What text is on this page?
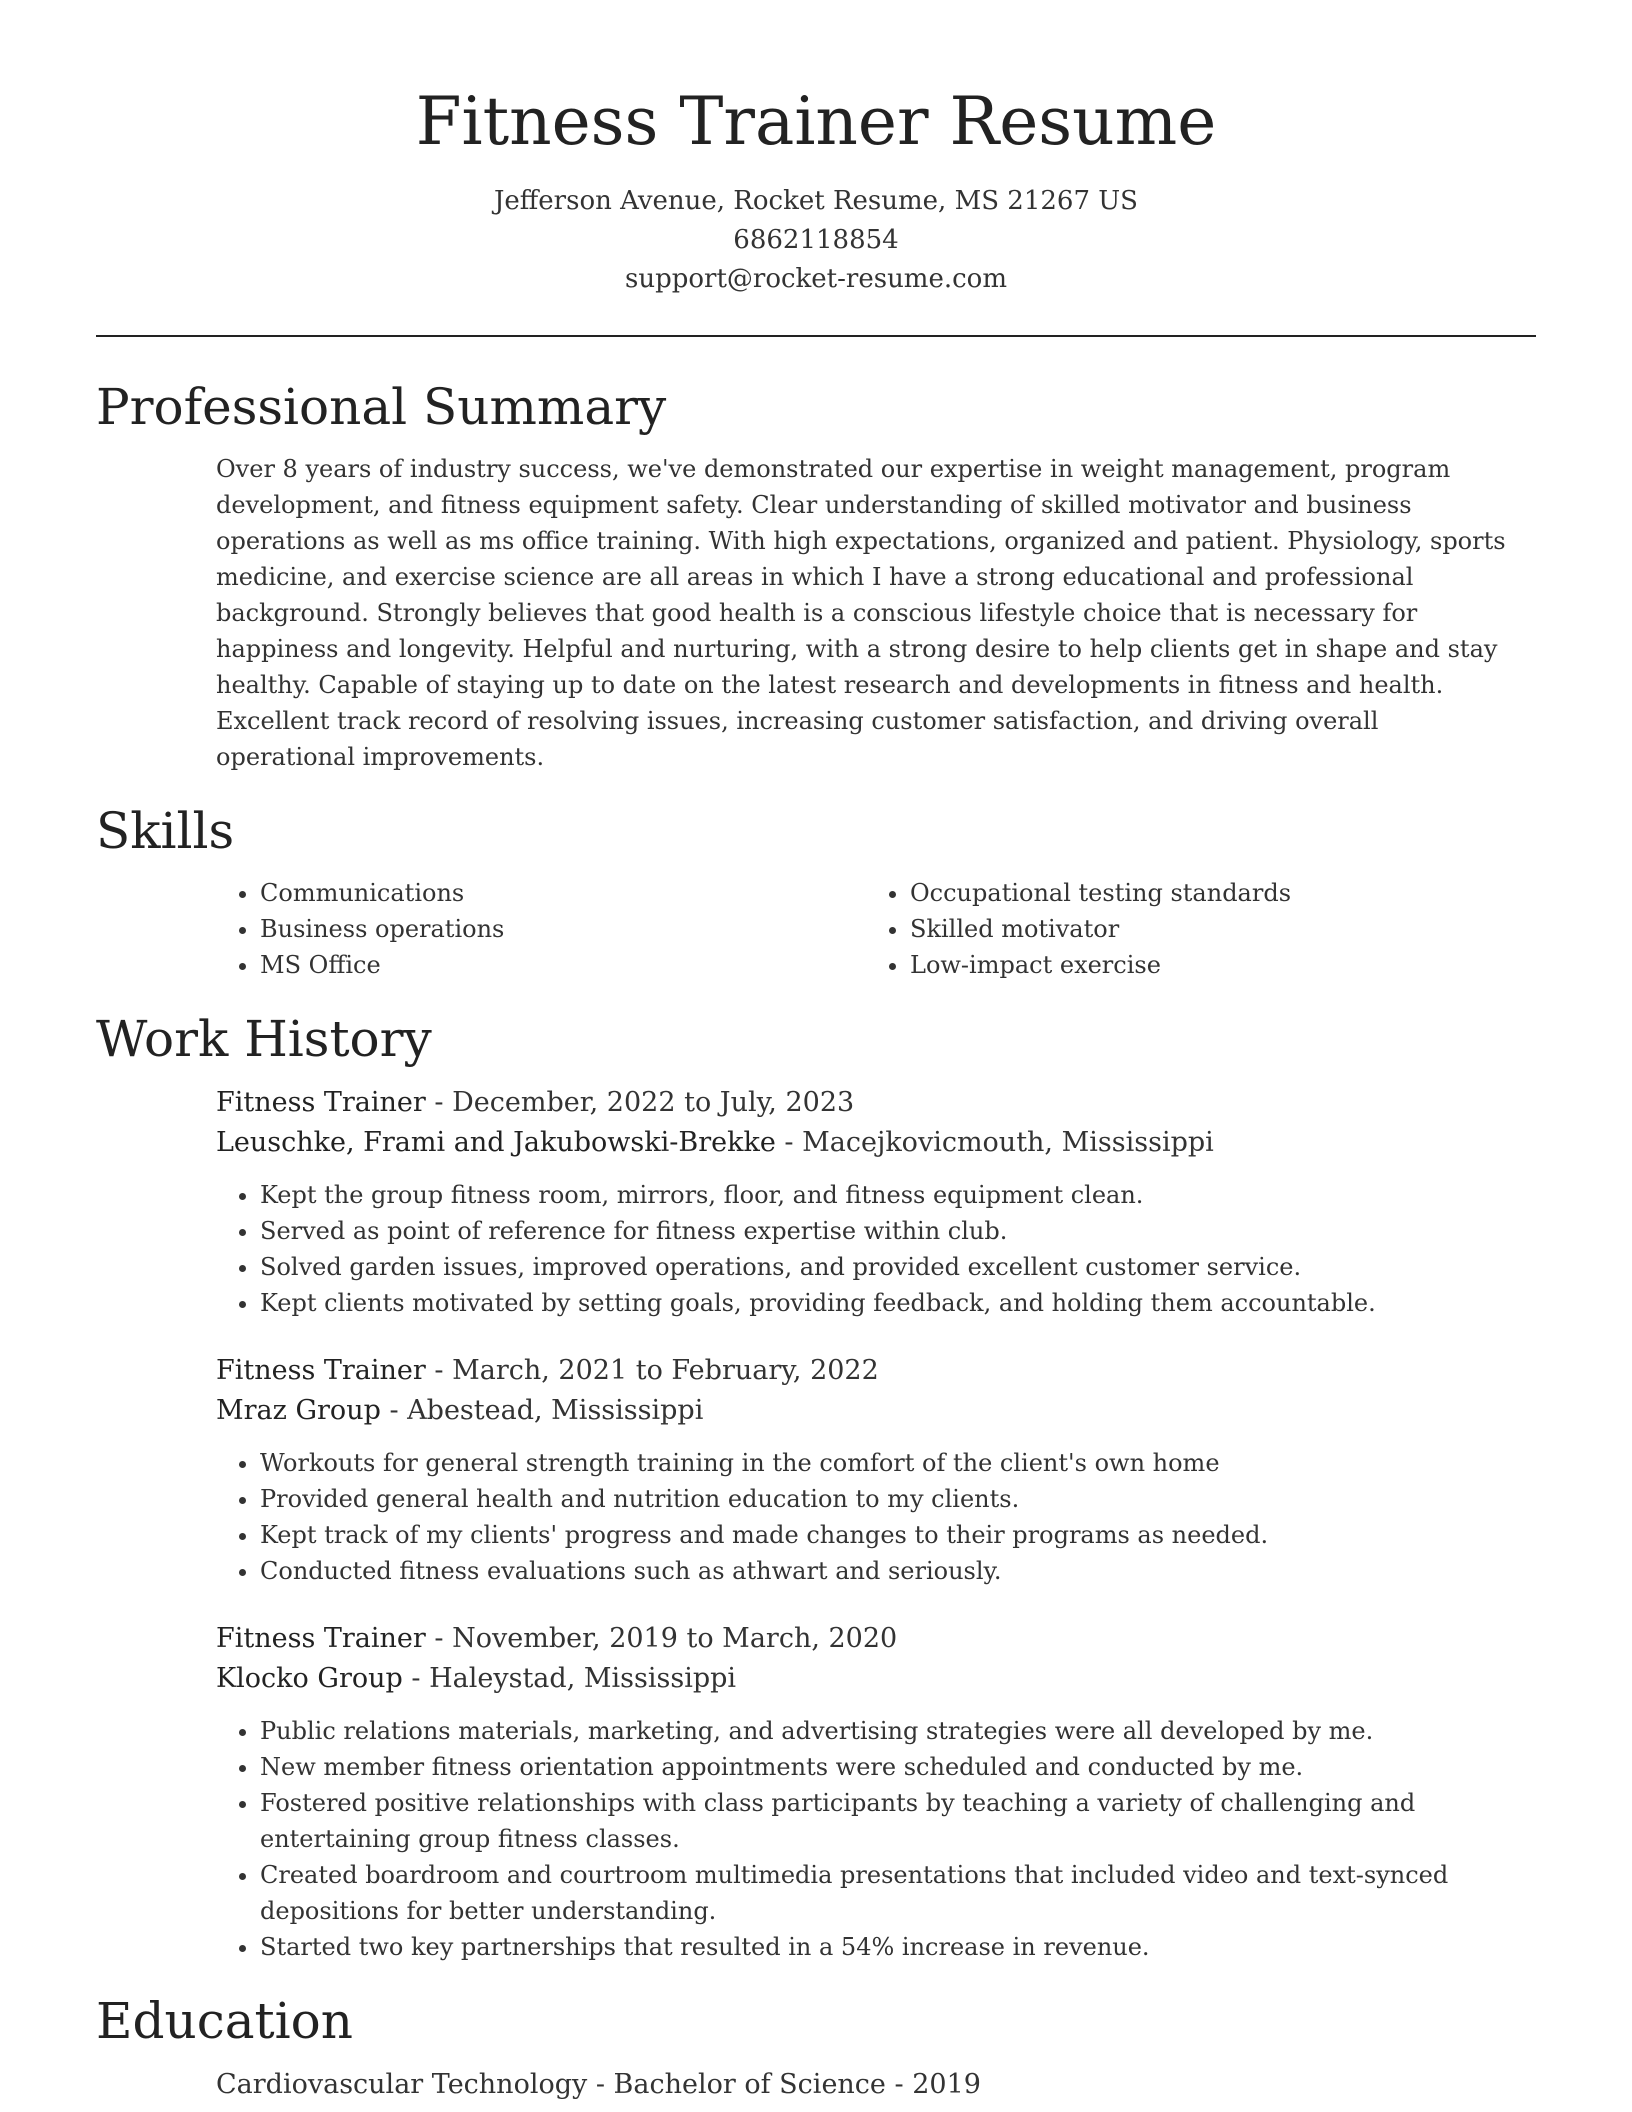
Fitness Trainer Resume
Jefferson Avenue, Rocket Resume, MS 21267 US
6862118854
support@rocket-resume.com
Professional Summary

Over 8 years of industry success, we've demonstrated our expertise in weight management, program development, and fitness equipment safety. Clear understanding of skilled motivator and business operations as well as ms office training. With high expectations, organized and patient. Physiology, sports medicine, and exercise science are all areas in which I have a strong educational and professional background. Strongly believes that good health is a conscious lifestyle choice that is necessary for happiness and longevity. Helpful and nurturing, with a strong desire to help clients get in shape and stay healthy. Capable of staying up to date on the latest research and developments in fitness and health. Excellent track record of resolving issues, increasing customer satisfaction, and driving overall operational improvements.

Skills
• Communications
• Business operations
• MS Office
• Occupational testing standards
• Skilled motivator
• Low-impact exercise
Work History
Fitness Trainer - December, 2022 to July, 2023
Leuschke, Frami and Jakubowski-Brekke - Macejkovicmouth, Mississippi
• Kept the group fitness room, mirrors, floor, and fitness equipment clean.
• Served as point of reference for fitness expertise within club.
• Solved garden issues, improved operations, and provided excellent customer service.
• Kept clients motivated by setting goals, providing feedback, and holding them accountable.
Fitness Trainer - March, 2021 to February, 2022
Mraz Group - Abestead, Mississippi
• Workouts for general strength training in the comfort of the client's own home
• Provided general health and nutrition education to my clients.
• Kept track of my clients' progress and made changes to their programs as needed.
• Conducted fitness evaluations such as athwart and seriously.
Fitness Trainer - November, 2019 to March, 2020
Klocko Group - Haleystad, Mississippi
• Public relations materials, marketing, and advertising strategies were all developed by me.
• New member fitness orientation appointments were scheduled and conducted by me.
• Fostered positive relationships with class participants by teaching a variety of challenging and entertaining group fitness classes.
• Created boardroom and courtroom multimedia presentations that included video and text-synced depositions for better understanding.
• Started two key partnerships that resulted in a 54% increase in revenue.
Education
Cardiovascular Technology - Bachelor of Science - 2019
